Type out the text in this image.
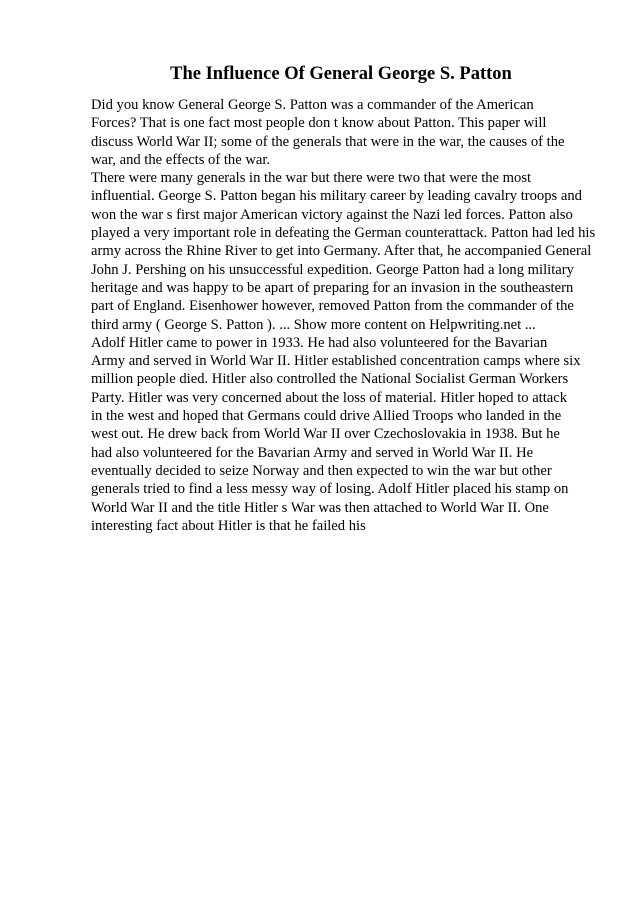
The Influence Of General George S. Patton
Did you know General George S. Patton was a commander of the American
Forces? That is one fact most people don t know about Patton. This paper will
discuss World War II; some of the generals that were in the war, the causes of the
war, and the effects of the war.
There were many generals in the war but there were two that were the most
influential. George S. Patton began his military career by leading cavalry troops and
won the war s first major American victory against the Nazi led forces. Patton also
played a very important role in defeating the German counterattack. Patton had led his
army across the Rhine River to get into Germany. After that, he accompanied General
John J. Pershing on his unsuccessful expedition. George Patton had a long military
heritage and was happy to be apart of preparing for an invasion in the southeastern
part of England. Eisenhower however, removed Patton from the commander of the
third army ( George S. Patton ). ... Show more content on Helpwriting.net ...
Adolf Hitler came to power in 1933. He had also volunteered for the Bavarian
Army and served in World War II. Hitler established concentration camps where six
million people died. Hitler also controlled the National Socialist German Workers
Party. Hitler was very concerned about the loss of material. Hitler hoped to attack
in the west and hoped that Germans could drive Allied Troops who landed in the
west out. He drew back from World War II over Czechoslovakia in 1938. But he
had also volunteered for the Bavarian Army and served in World War II. He
eventually decided to seize Norway and then expected to win the war but other
generals tried to find a less messy way of losing. Adolf Hitler placed his stamp on
World War II and the title Hitler s War was then attached to World War II. One
interesting fact about Hitler is that he failed his
